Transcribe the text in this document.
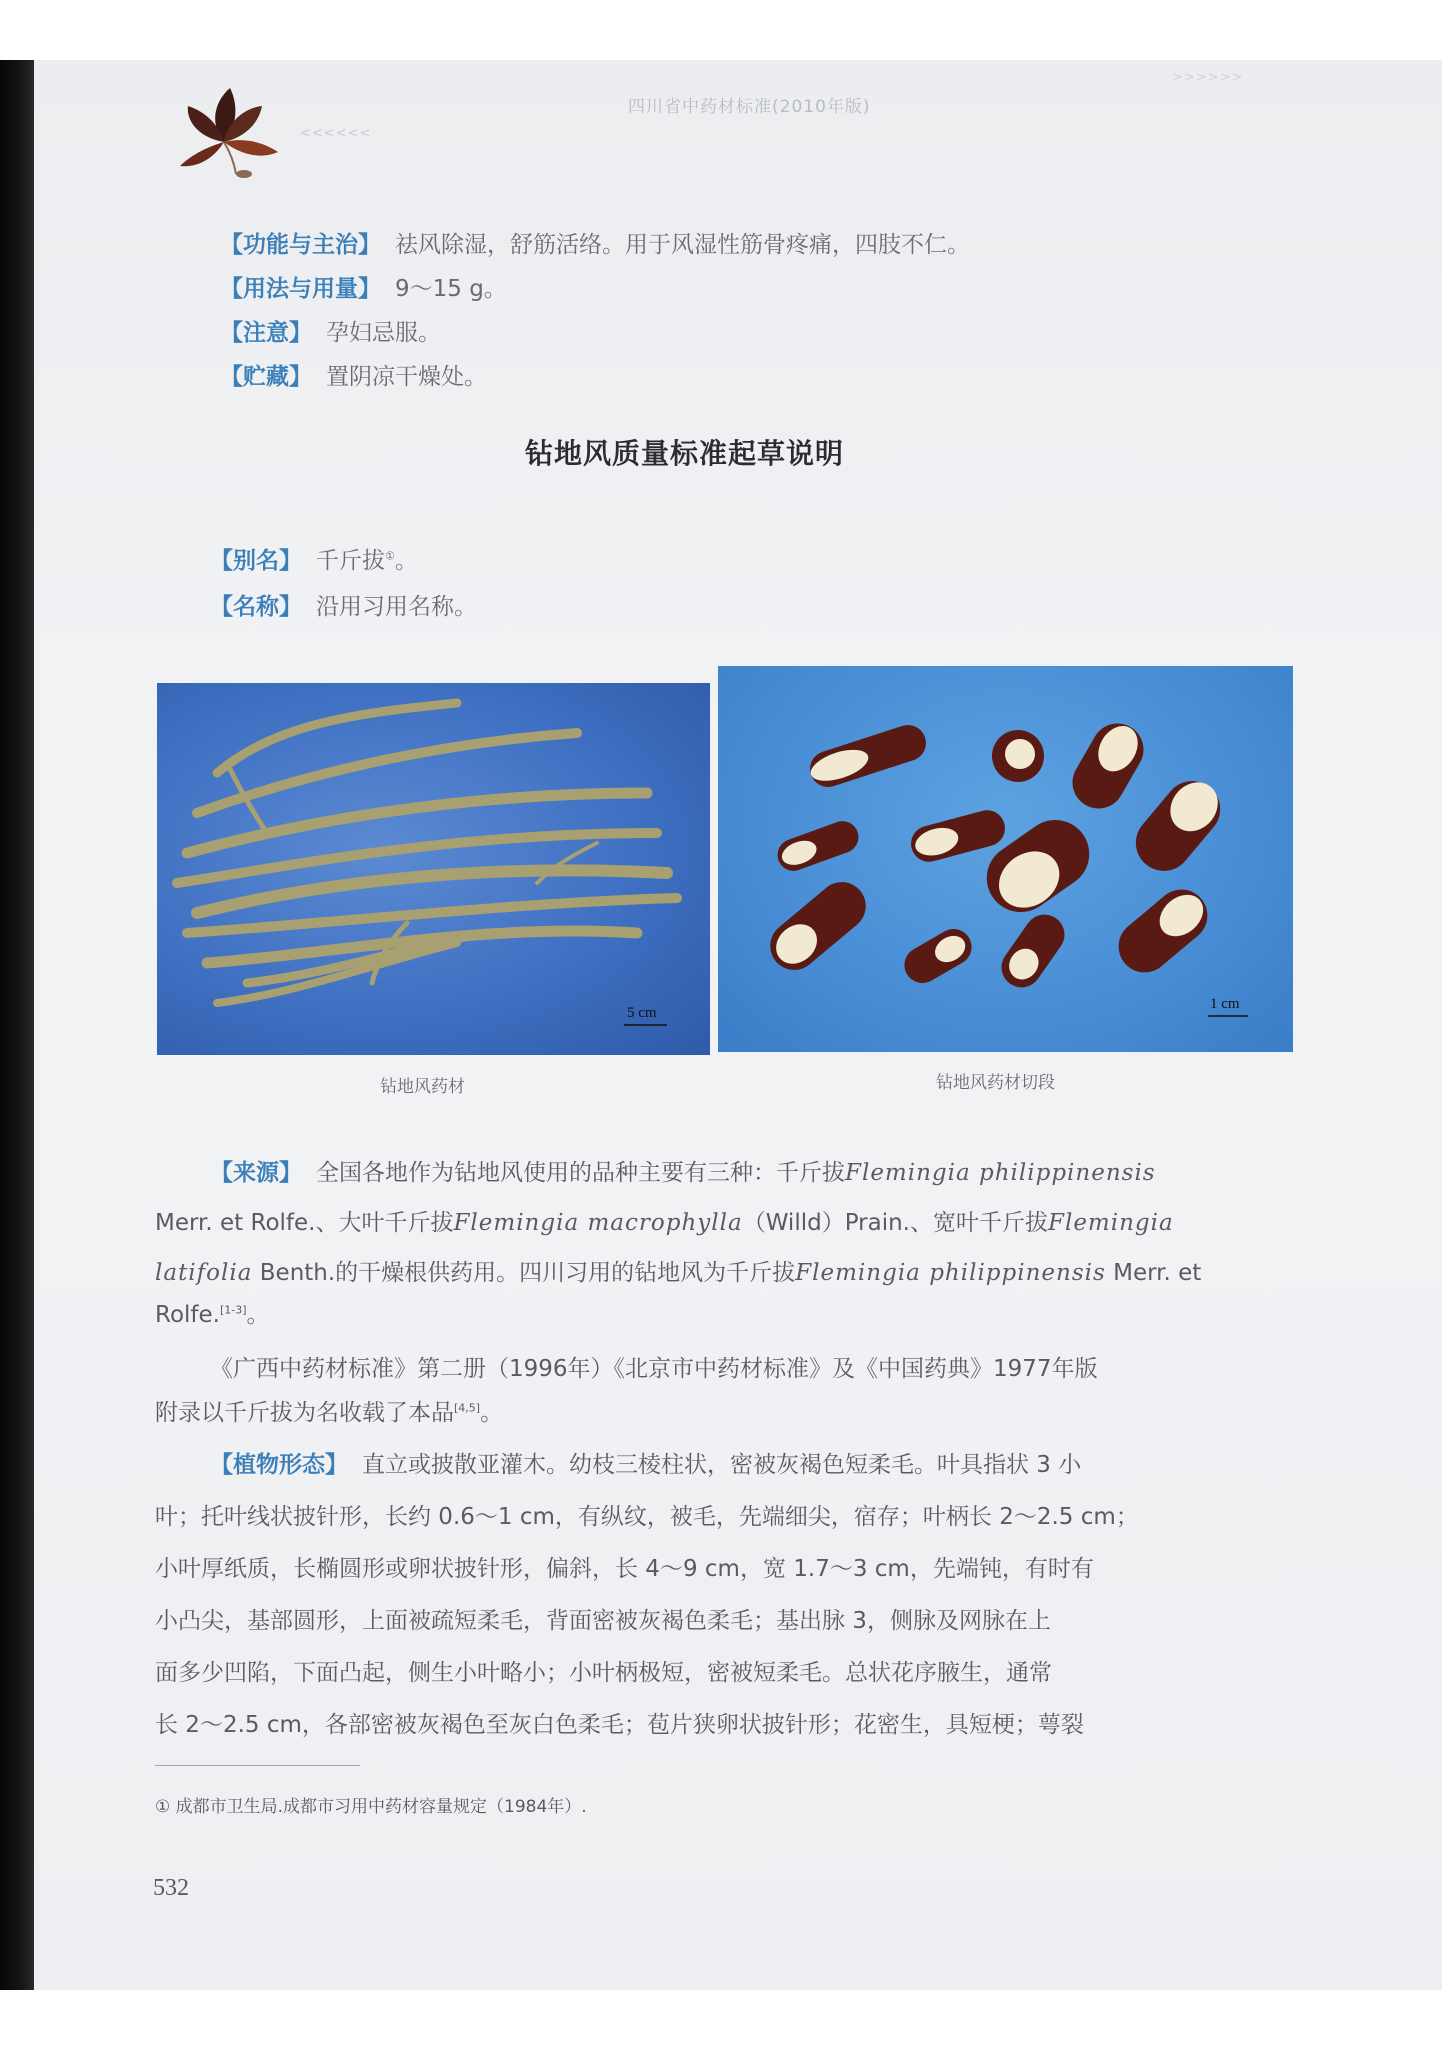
<<<<<<
>>>>>>
四川省中药材标准(2010年版)
【功能与主治】 祛风除湿，舒筋活络。用于风湿性筋骨疼痛，四肢不仁。
【用法与用量】 9～15 g。
【注意】 孕妇忌服。
【贮藏】 置阴凉干燥处。
钻地风质量标准起草说明
【别名】 千斤拔①。
【名称】 沿用习用名称。
5 cm
1 cm
钻地风药材	钻地风药材切段
【来源】 全国各地作为钻地风使用的品种主要有三种：千斤拔Flemingia philippinensis
Merr. et Rolfe.、大叶千斤拔Flemingia macrophylla（Willd）Prain.、宽叶千斤拔Flemingia
latifolia Benth.的干燥根供药用。四川习用的钻地风为千斤拔Flemingia philippinensis Merr. et
Rolfe.[1-3]。
《广西中药材标准》第二册（1996年）《北京市中药材标准》及《中国药典》1977年版
附录以千斤拔为名收载了本品[4,5]。
【植物形态】 直立或披散亚灌木。幼枝三棱柱状，密被灰褐色短柔毛。叶具指状 3 小
叶；托叶线状披针形，长约 0.6～1 cm，有纵纹，被毛，先端细尖，宿存；叶柄长 2～2.5 cm；
小叶厚纸质，长椭圆形或卵状披针形，偏斜，长 4～9 cm，宽 1.7～3 cm，先端钝，有时有
小凸尖，基部圆形，上面被疏短柔毛，背面密被灰褐色柔毛；基出脉 3，侧脉及网脉在上
面多少凹陷，下面凸起，侧生小叶略小；小叶柄极短，密被短柔毛。总状花序腋生，通常
长 2～2.5 cm，各部密被灰褐色至灰白色柔毛；苞片狭卵状披针形；花密生，具短梗；萼裂
① 成都市卫生局.成都市习用中药材容量规定（1984年）.
532
